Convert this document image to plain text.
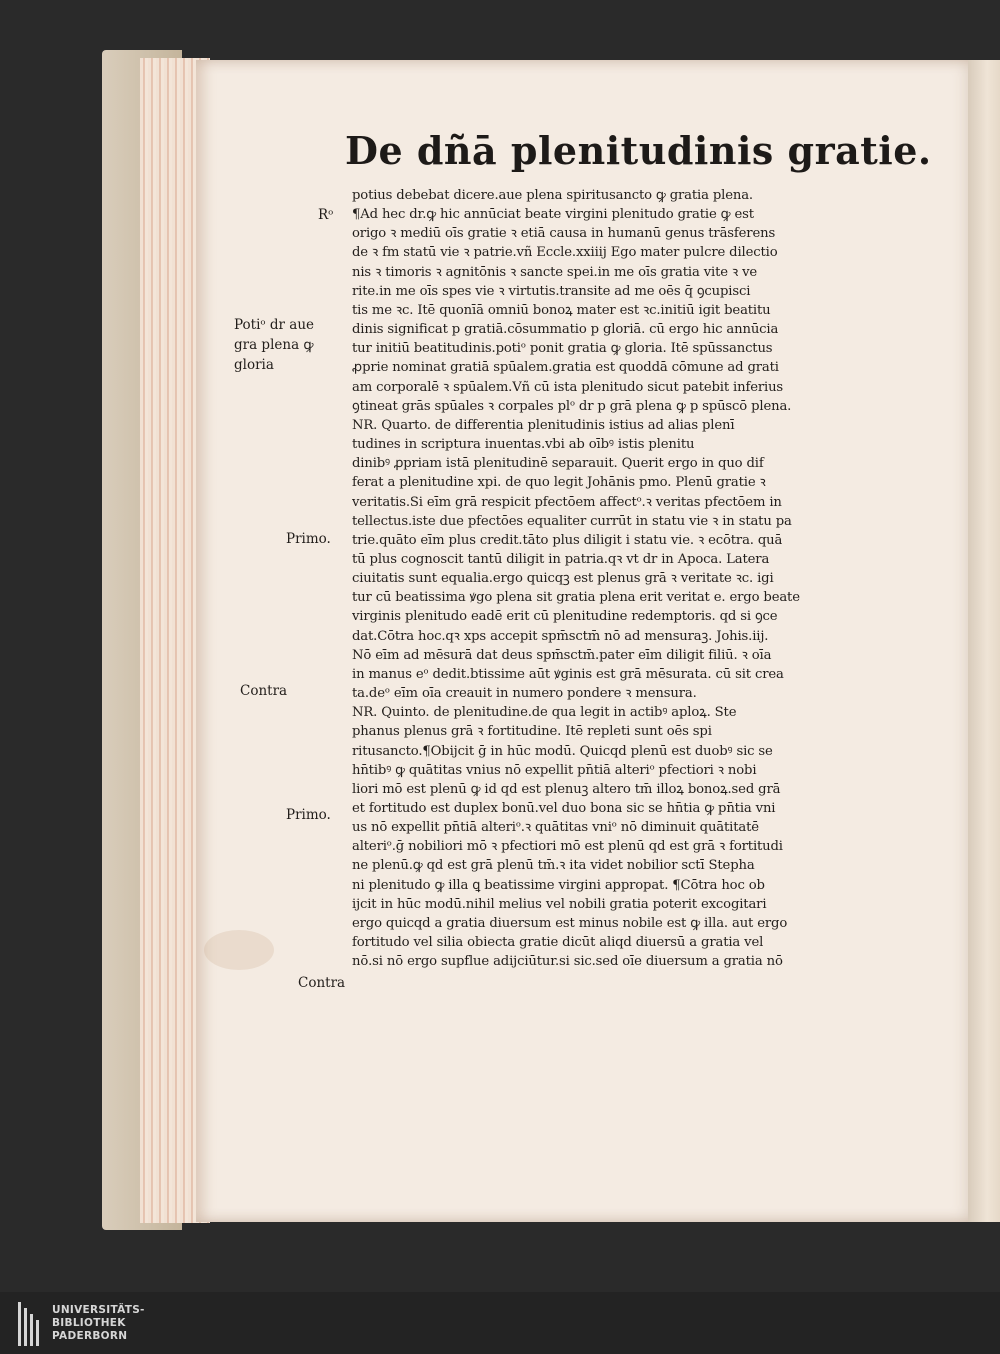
De dñā plenitudinis gratie.
Rᵒ
Potiᵒ dr aue
gra plena ꝙ
gloria
Primo.
Contra
Primo.
Contra
potius debebat dicere.aue plena spiritusancto ꝙ gratia plena.
¶Ad hec dr.ꝙ hic annūciat beate virgini plenitudo gratie ꝙ est
origo ꝛ mediū oīs gratie ꝛ etiā causa in humanū genus trāsferens
de ꝛ fm statū vie ꝛ patrie.vñ Eccle.xxiiij Ego mater pulcre dilectio
nis ꝛ timoris ꝛ agnitōnis ꝛ sancte spei.in me oīs gratia vite ꝛ ve
rite.in me oīs spes vie ꝛ virtutis.transite ad me oēs q̄ ꝯcupisci
tis me ꝛc. Itē quonīā omniū bonoꝝ mater est ꝛc.initiū igit beatitu
dinis significat p gratiā.cōsummatio p gloriā. cū ergo hic annūcia
tur initiū beatitudinis.potiᵒ ponit gratia ꝙ gloria. Itē spūssanctus
ꝓprie nominat gratiā spūalem.gratia est quoddā cōmune ad grati
am corporalē ꝛ spūalem.Vñ cū ista plenitudo sicut patebit inferius
ꝯtineat grās spūales ꝛ corpales plᵒ dr p grā plena ꝙ p spūscō plena.
NR. Quarto. de differentia plenitudinis istius ad alias plenī
tudines in scriptura inuentas.vbi ab oībꝰ istis plenitu
dinibꝰ ꝓpriam istā plenitudinē separauit. Querit ergo in quo dif
ferat a plenitudine xpi. de quo legit Johānis pmo. Plenū gratie ꝛ
veritatis.Si eīm grā respicit pfectōem affectᵒ.ꝛ veritas pfectōem in
tellectus.iste due pfectōes equaliter currūt in statu vie ꝛ in statu pa
trie.quāto eīm plus credit.tāto plus diligit i statu vie. ꝛ ecōtra. quā
tū plus cognoscit tantū diligit in patria.qꝛ vt dr in Apoca. Latera
ciuitatis sunt equalia.ergo quicqꝫ est plenus grā ꝛ veritate ꝛc. igi
tur cū beatissima ꝟgo plena sit gratia plena erit veritat e. ergo beate
virginis plenitudo eadē erit cū plenitudine redemptoris. qd si ꝯce
dat.Cōtra hoc.qꝛ xps accepit spm̄sctm̄ nō ad mensuraꝫ. Johis.iij.
Nō eīm ad mēsurā dat deus spm̄sctm̄.pater eīm diligit filiū. ꝛ oīa
in manus eᵒ dedit.btissime aūt ꝟginis est grā mēsurata. cū sit crea
ta.deᵒ eīm oīa creauit in numero pondere ꝛ mensura.
NR. Quinto. de plenitudine.de qua legit in actibꝰ aploꝝ. Ste
phanus plenus grā ꝛ fortitudine. Itē repleti sunt oēs spi
ritusancto.¶Obijcit ḡ in hūc modū. Quicqd plenū est duobꝰ sic se
hn̄tibꝰ ꝙ quātitas vnius nō expellit pn̄tiā alteriᵒ pfectiori ꝛ nobi
liori mō est plenū ꝙ id qd est plenuꝫ altero tm̄ illoꝝ bonoꝝ.sed grā
et fortitudo est duplex bonū.vel duo bona sic se hn̄tia ꝙ pn̄tia vni
us nō expellit pn̄tiā alteriᵒ.ꝛ quātitas vniᵒ nō diminuit quātitatē
alteriᵒ.ḡ nobiliori mō ꝛ pfectiori mō est plenū qd est grā ꝛ fortitudi
ne plenū.ꝙ qd est grā plenū tm̄.ꝛ ita videt nobilior sctī Stepha
ni plenitudo ꝙ illa ꝗ beatissime virgini appropat. ¶Cōtra hoc ob
ijcit in hūc modū.nihil melius vel nobili gratia poterit excogitari
ergo quicqd a gratia diuersum est minus nobile est ꝙ illa. aut ergo
fortitudo vel silia obiecta gratie dicūt aliqd diuersū a gratia vel
nō.si nō ergo supflue adijciūtur.si sic.sed oīe diuersum a gratia nō
UNIVERSITÄTS-
BIBLIOTHEK
PADERBORN
